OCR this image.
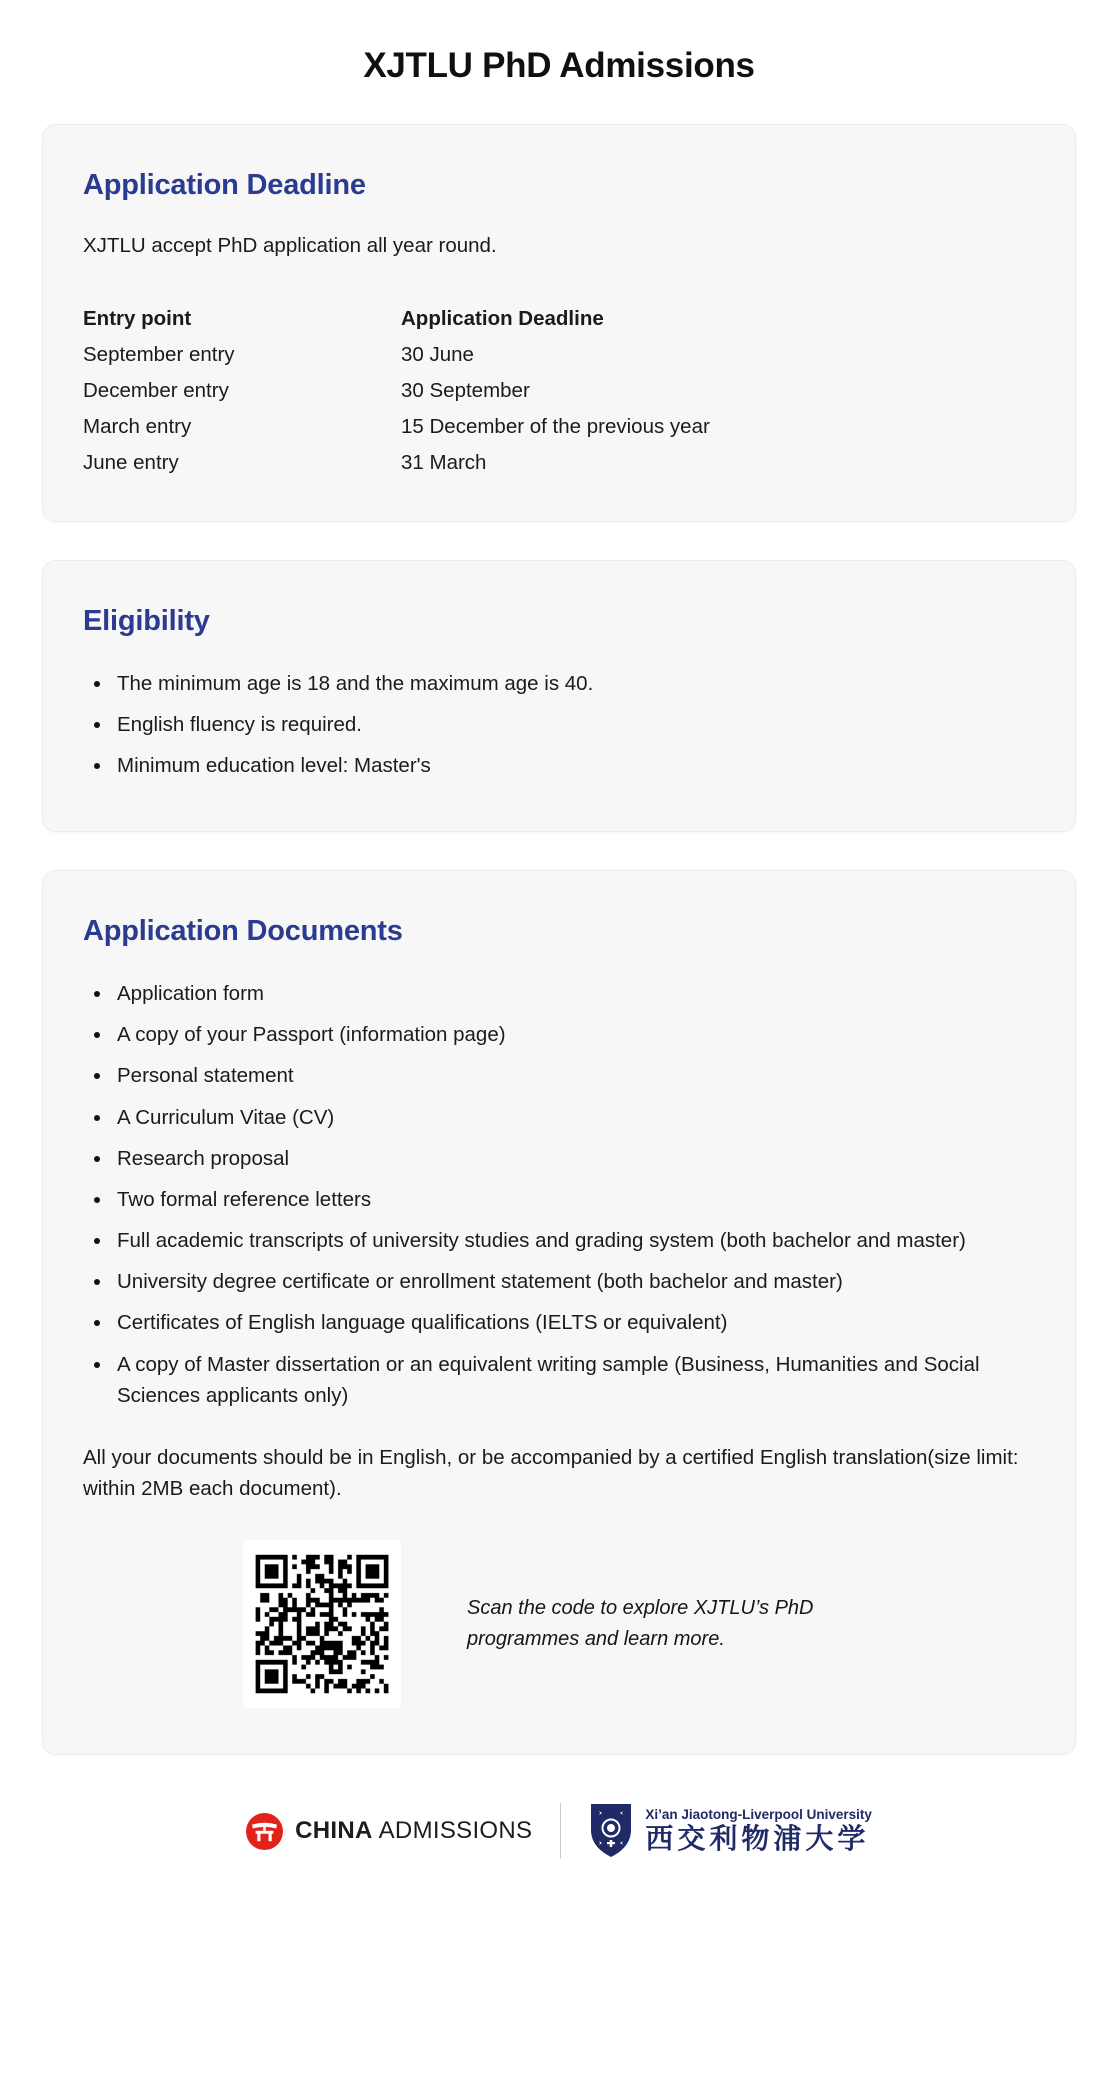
XJTLU PhD Admissions
Application Deadline

XJTLU accept PhD application all year round.

Entry point	Application Deadline
September entry	30 June
December entry	30 September
March entry	15 December of the previous year
June entry	31 March
Eligibility
• The minimum age is 18 and the maximum age is 40.
• English fluency is required.
• Minimum education level: Master's
Application Documents
• Application form
• A copy of your Passport (information page)
• Personal statement
• A Curriculum Vitae (CV)
• Research proposal
• Two formal reference letters
• Full academic transcripts of university studies and grading system (both bachelor and master)
• University degree certificate or enrollment statement (both bachelor and master)
• Certificates of English language qualifications (IELTS or equivalent)
• A copy of Master dissertation or an equivalent writing sample (Business, Humanities and Social Sciences applicants only)

All your documents should be in English, or be accompanied by a certified English translation(size limit: within 2MB each document).

Scan the code to explore XJTLU’s PhD programmes and learn more.
CHINA ADMISSIONS
Xi’an Jiaotong-Liverpool University
西交利物浦大学
